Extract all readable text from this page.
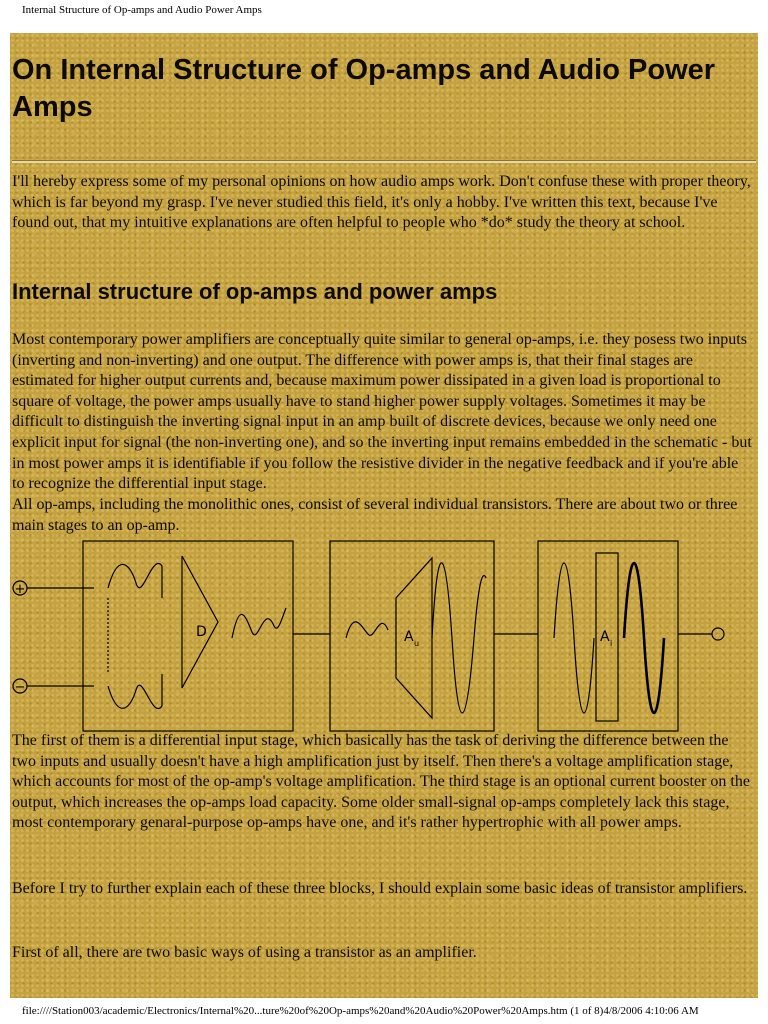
Internal Structure of Op-amps and Audio Power Amps
On Internal Structure of Op-amps and Audio Power Amps

I'll hereby express some of my personal opinions on how audio amps work. Don't confuse these with proper theory, which is far beyond my grasp. I've never studied this field, it's only a hobby. I've written this text, because I've found out, that my intuitive explanations are often helpful to people who *do* study the theory at school.

Internal structure of op-amps and power amps

Most contemporary power amplifiers are conceptually quite similar to general op-amps, i.e. they posess two inputs (inverting and non-inverting) and one output. The difference with power amps is, that their final stages are estimated for higher output currents and, because maximum power dissipated in a given load is proportional to square of voltage, the power amps usually have to stand higher power supply voltages. Sometimes it may be difficult to distinguish the inverting signal input in an amp built of discrete devices, because we only need one explicit input for signal (the non-inverting one), and so the inverting input remains embedded in the schematic - but in most power amps it is identifiable if you follow the resistive divider in the negative feedback and if you're able to recognize the differential input stage.

All op-amps, including the monolithic ones, consist of several individual transistors. There are about two or three main stages to an op-amp.

+
−
D	A u	A i

The first of them is a differential input stage, which basically has the task of deriving the difference between the two inputs and usually doesn't have a high amplification just by itself. Then there's a voltage amplification stage, which accounts for most of the op-amp's voltage amplification. The third stage is an optional current booster on the output, which increases the op-amps load capacity. Some older small-signal op-amps completely lack this stage, most contemporary genaral-purpose op-amps have one, and it's rather hypertrophic with all power amps.

Before I try to further explain each of these three blocks, I should explain some basic ideas of transistor amplifiers.

First of all, there are two basic ways of using a transistor as an amplifier.

file:////Station003/academic/Electronics/Internal%20...ture%20of%20Op-amps%20and%20Audio%20Power%20Amps.htm (1 of 8)4/8/2006 4:10:06 AM
